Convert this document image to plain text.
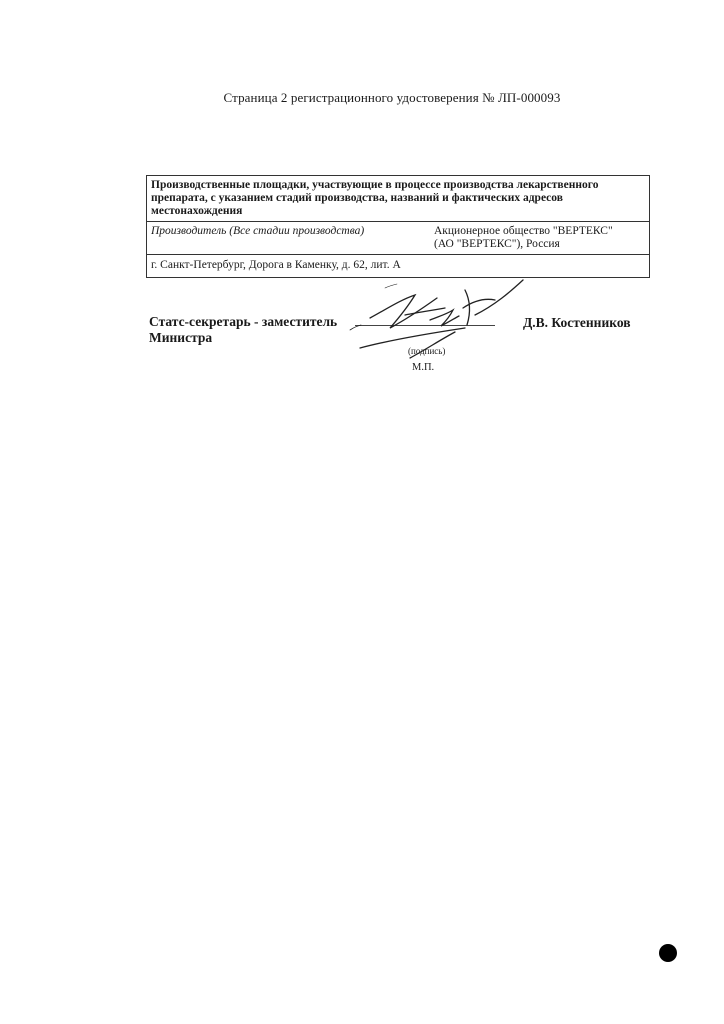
Страница 2 регистрационного удостоверения № ЛП-000093
Производственные площадки, участвующие в процессе производства лекарственного препарата, с указанием стадий производства, названий и фактических адресов местонахождения
Производитель (Все стадии производства)	Акционерное общество "ВЕРТЕКС"
(АО "ВЕРТЕКС"), Россия
г. Санкт-Петербург, Дорога в Каменку, д. 62, лит. А
Статс-секретарь - заместитель
Министра
(подпись)
М.П.
Д.В. Костенников
